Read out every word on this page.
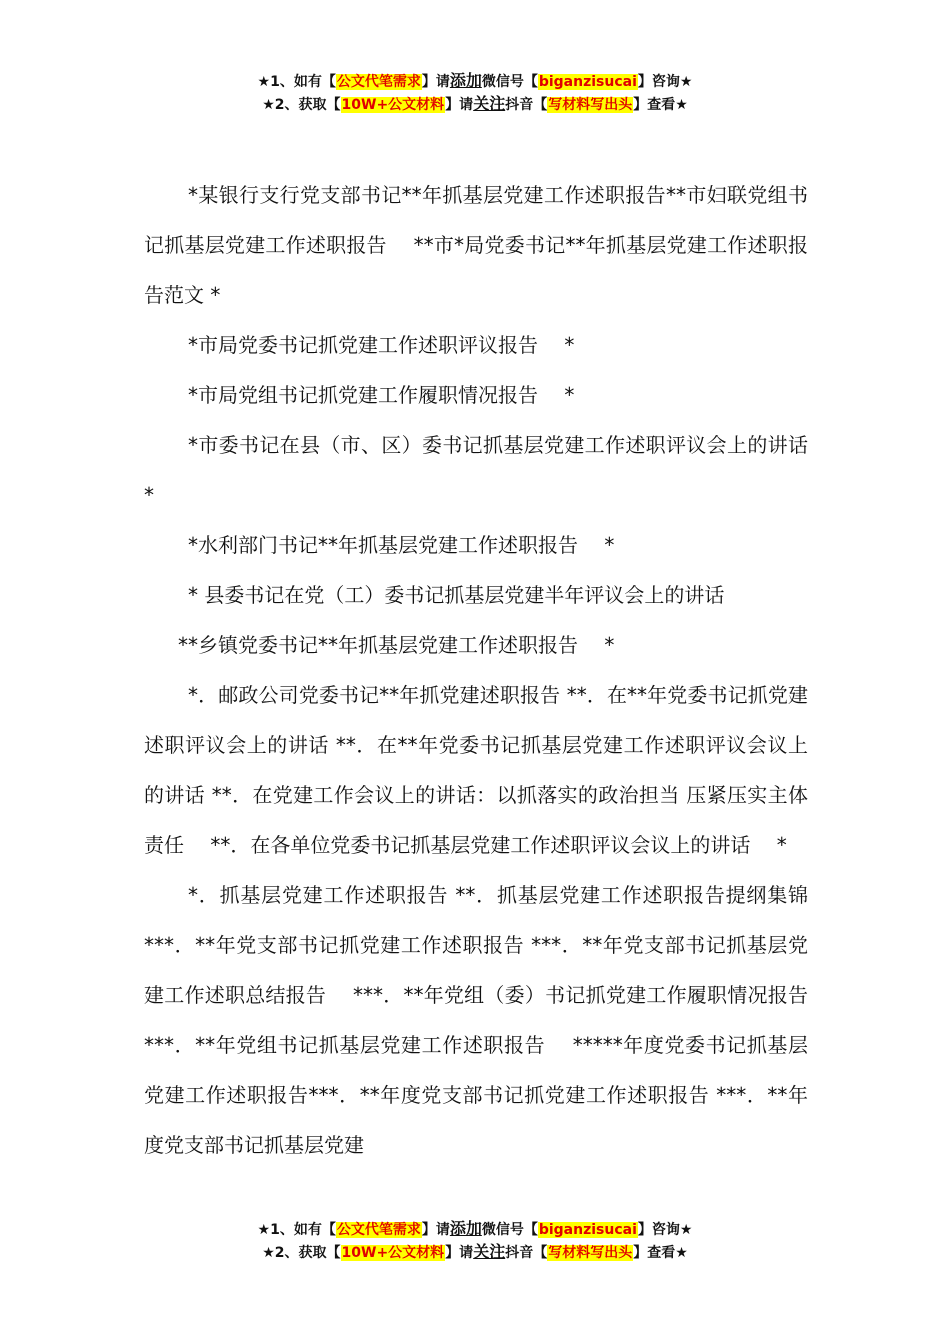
★1、如有【公文代笔需求】请添加微信号【biganzisucai】咨询★
★2、获取【10W+公文材料】请关注抖音【写材料写出头】查看★

*某银行支行党支部书记**年抓基层党建工作述职报告**市妇联党组书记抓基层党建工作述职报告　 **市*局党委书记**年抓基层党建工作述职报告范文 *

*市局党委书记抓党建工作述职评议报告　 *

*市局党组书记抓党建工作履职情况报告　 *

*市委书记在县（市、区）委书记抓基层党建工作述职评议会上的讲话　 *

*水利部门书记**年抓基层党建工作述职报告　 *

* 县委书记在党（工）委书记抓基层党建半年评议会上的讲话

**乡镇党委书记**年抓基层党建工作述职报告　 *

*．邮政公司党委书记**年抓党建述职报告 **．在**年党委书记抓党建述职评议会上的讲话 **．在**年党委书记抓基层党建工作述职评议会议上的讲话 **．在党建工作会议上的讲话：以抓落实的政治担当 压紧压实主体责任　 **．在各单位党委书记抓基层党建工作述职评议会议上的讲话　 *

*．抓基层党建工作述职报告 **．抓基层党建工作述职报告提纲集锦　 ***．**年党支部书记抓党建工作述职报告 ***．**年党支部书记抓基层党建工作述职总结报告　 ***．**年党组（委）书记抓党建工作履职情况报告　 ***．**年党组书记抓基层党建工作述职报告　 *****年度党委书记抓基层党建工作述职报告***．**年度党支部书记抓党建工作述职报告 ***．**年度党支部书记抓基层党建

★1、如有【公文代笔需求】请添加微信号【biganzisucai】咨询★
★2、获取【10W+公文材料】请关注抖音【写材料写出头】查看★
